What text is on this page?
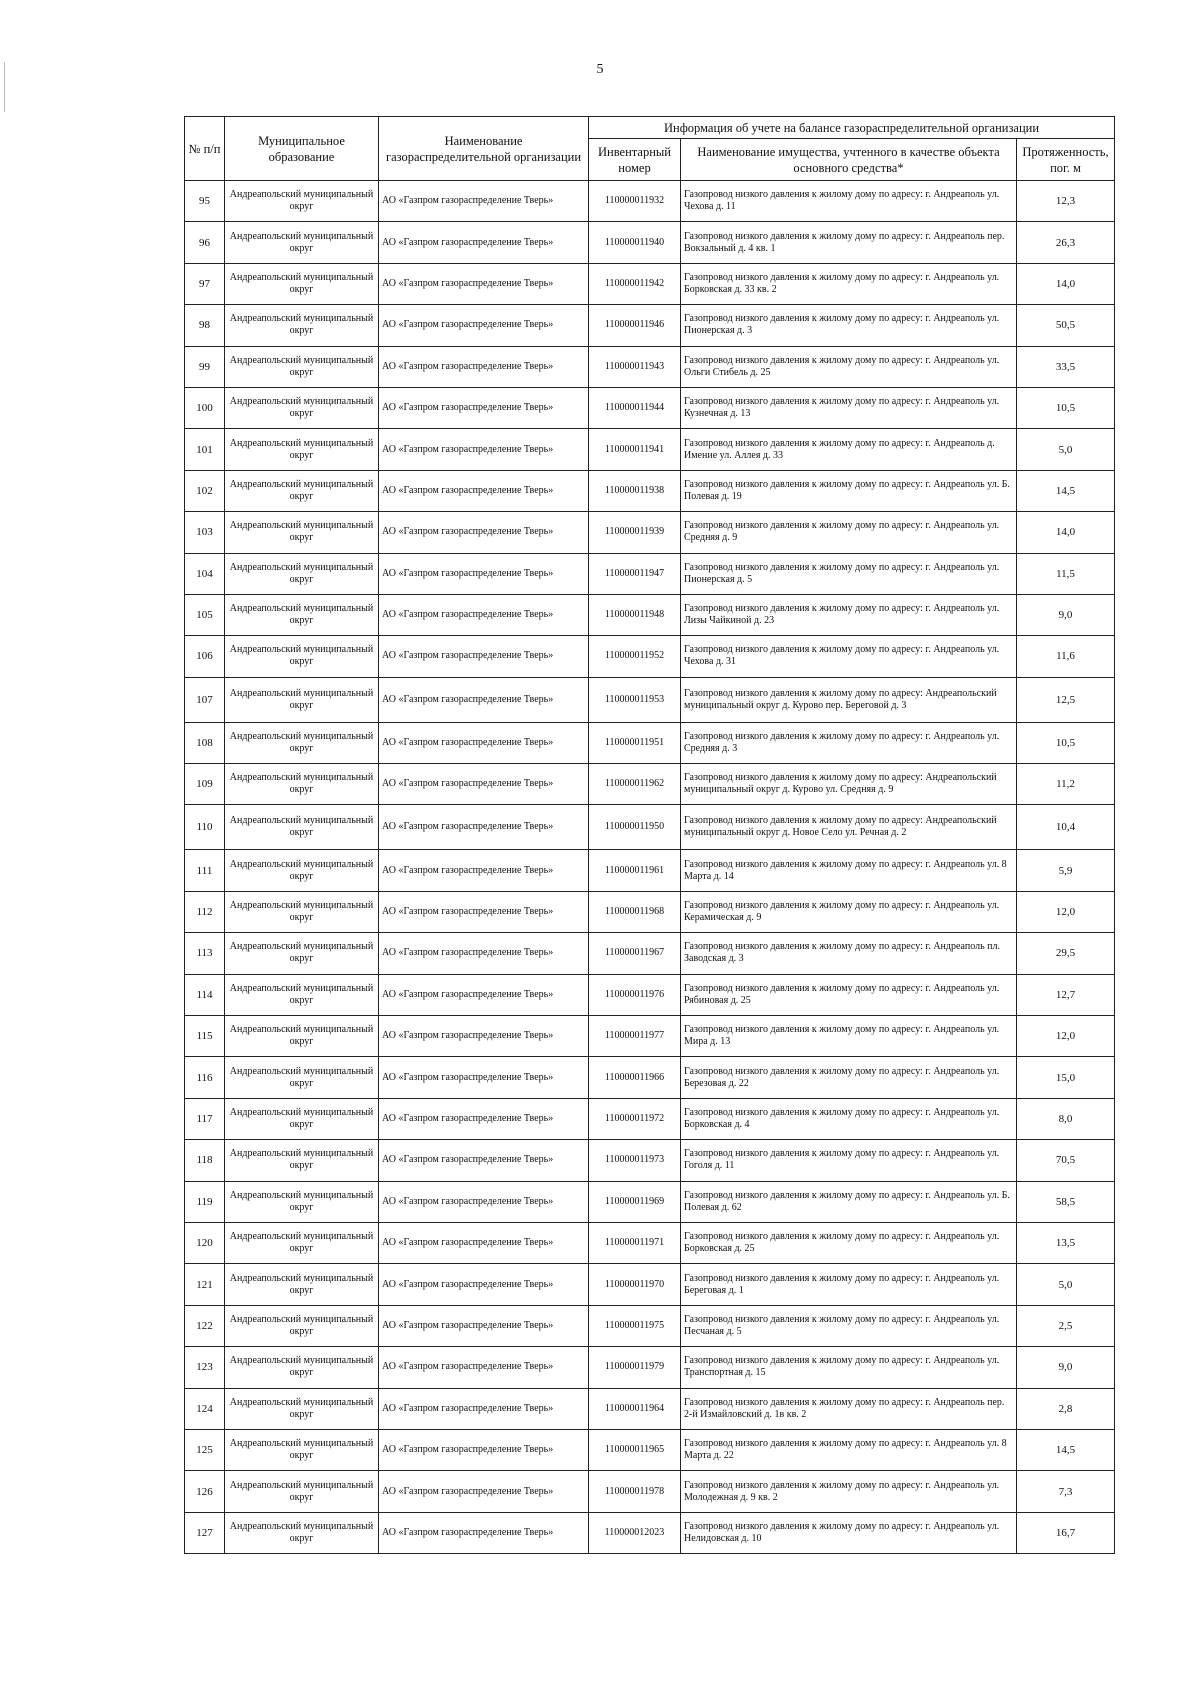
5
№ п/п	Муниципальное образование	Наименование газораспределительной организации	Информация об учете на балансе газораспределительной организации		
			Инвентарный номер	Наименование имущества, учтенного в качестве объекта основного средства*	Протяженность, пог. м
95	Андреапольский муниципальный округ	АО «Газпром газораспределение Тверь»	110000011932	Газопровод низкого давления к жилому дому по адресу: г. Андреаполь ул. Чехова д. 11	12,3
96	Андреапольский муниципальный округ	АО «Газпром газораспределение Тверь»	110000011940	Газопровод низкого давления к жилому дому по адресу: г. Андреаполь пер. Вокзальный д. 4 кв. 1	26,3
97	Андреапольский муниципальный округ	АО «Газпром газораспределение Тверь»	110000011942	Газопровод низкого давления к жилому дому по адресу: г. Андреаполь ул. Борковская д. 33 кв. 2	14,0
98	Андреапольский муниципальный округ	АО «Газпром газораспределение Тверь»	110000011946	Газопровод низкого давления к жилому дому по адресу: г. Андреаполь ул. Пионерская д. 3	50,5
99	Андреапольский муниципальный округ	АО «Газпром газораспределение Тверь»	110000011943	Газопровод низкого давления к жилому дому по адресу: г. Андреаполь ул. Ольги Стибель д. 25	33,5
100	Андреапольский муниципальный округ	АО «Газпром газораспределение Тверь»	110000011944	Газопровод низкого давления к жилому дому по адресу: г. Андреаполь ул. Кузнечная д. 13	10,5
101	Андреапольский муниципальный округ	АО «Газпром газораспределение Тверь»	110000011941	Газопровод низкого давления к жилому дому по адресу: г. Андреаполь д. Имение ул. Аллея д. 33	5,0
102	Андреапольский муниципальный округ	АО «Газпром газораспределение Тверь»	110000011938	Газопровод низкого давления к жилому дому по адресу: г. Андреаполь ул. Б. Полевая д. 19	14,5
103	Андреапольский муниципальный округ	АО «Газпром газораспределение Тверь»	110000011939	Газопровод низкого давления к жилому дому по адресу: г. Андреаполь ул. Средняя д. 9	14,0
104	Андреапольский муниципальный округ	АО «Газпром газораспределение Тверь»	110000011947	Газопровод низкого давления к жилому дому по адресу: г. Андреаполь ул. Пионерская д. 5	11,5
105	Андреапольский муниципальный округ	АО «Газпром газораспределение Тверь»	110000011948	Газопровод низкого давления к жилому дому по адресу: г. Андреаполь ул. Лизы Чайкиной д. 23	9,0
106	Андреапольский муниципальный округ	АО «Газпром газораспределение Тверь»	110000011952	Газопровод низкого давления к жилому дому по адресу: г. Андреаполь ул. Чехова д. 31	11,6
107	Андреапольский муниципальный округ	АО «Газпром газораспределение Тверь»	110000011953	Газопровод низкого давления к жилому дому по адресу: Андреапольский муниципальный округ д. Курово пер. Береговой д. 3	12,5
108	Андреапольский муниципальный округ	АО «Газпром газораспределение Тверь»	110000011951	Газопровод низкого давления к жилому дому по адресу: г. Андреаполь ул. Средняя д. 3	10,5
109	Андреапольский муниципальный округ	АО «Газпром газораспределение Тверь»	110000011962	Газопровод низкого давления к жилому дому по адресу: Андреапольский муниципальный округ д. Курово ул. Средняя д. 9	11,2
110	Андреапольский муниципальный округ	АО «Газпром газораспределение Тверь»	110000011950	Газопровод низкого давления к жилому дому по адресу: Андреапольский муниципальный округ д. Новое Село ул. Речная д. 2	10,4
111	Андреапольский муниципальный округ	АО «Газпром газораспределение Тверь»	110000011961	Газопровод низкого давления к жилому дому по адресу: г. Андреаполь ул. 8 Марта д. 14	5,9
112	Андреапольский муниципальный округ	АО «Газпром газораспределение Тверь»	110000011968	Газопровод низкого давления к жилому дому по адресу: г. Андреаполь ул. Керамическая д. 9	12,0
113	Андреапольский муниципальный округ	АО «Газпром газораспределение Тверь»	110000011967	Газопровод низкого давления к жилому дому по адресу: г. Андреаполь пл. Заводская д. 3	29,5
114	Андреапольский муниципальный округ	АО «Газпром газораспределение Тверь»	110000011976	Газопровод низкого давления к жилому дому по адресу: г. Андреаполь ул. Рябиновая д. 25	12,7
115	Андреапольский муниципальный округ	АО «Газпром газораспределение Тверь»	110000011977	Газопровод низкого давления к жилому дому по адресу: г. Андреаполь ул. Мира д. 13	12,0
116	Андреапольский муниципальный округ	АО «Газпром газораспределение Тверь»	110000011966	Газопровод низкого давления к жилому дому по адресу: г. Андреаполь ул. Березовая д. 22	15,0
117	Андреапольский муниципальный округ	АО «Газпром газораспределение Тверь»	110000011972	Газопровод низкого давления к жилому дому по адресу: г. Андреаполь ул. Борковская д. 4	8,0
118	Андреапольский муниципальный округ	АО «Газпром газораспределение Тверь»	110000011973	Газопровод низкого давления к жилому дому по адресу: г. Андреаполь ул. Гоголя д. 11	70,5
119	Андреапольский муниципальный округ	АО «Газпром газораспределение Тверь»	110000011969	Газопровод низкого давления к жилому дому по адресу: г. Андреаполь ул. Б. Полевая д. 62	58,5
120	Андреапольский муниципальный округ	АО «Газпром газораспределение Тверь»	110000011971	Газопровод низкого давления к жилому дому по адресу: г. Андреаполь ул. Борковская д. 25	13,5
121	Андреапольский муниципальный округ	АО «Газпром газораспределение Тверь»	110000011970	Газопровод низкого давления к жилому дому по адресу: г. Андреаполь ул. Береговая д. 1	5,0
122	Андреапольский муниципальный округ	АО «Газпром газораспределение Тверь»	110000011975	Газопровод низкого давления к жилому дому по адресу: г. Андреаполь ул. Песчаная д. 5	2,5
123	Андреапольский муниципальный округ	АО «Газпром газораспределение Тверь»	110000011979	Газопровод низкого давления к жилому дому по адресу: г. Андреаполь ул. Транспортная д. 15	9,0
124	Андреапольский муниципальный округ	АО «Газпром газораспределение Тверь»	110000011964	Газопровод низкого давления к жилому дому по адресу: г. Андреаполь пер. 2-й Измайловский д. 1в кв. 2	2,8
125	Андреапольский муниципальный округ	АО «Газпром газораспределение Тверь»	110000011965	Газопровод низкого давления к жилому дому по адресу: г. Андреаполь ул. 8 Марта д. 22	14,5
126	Андреапольский муниципальный округ	АО «Газпром газораспределение Тверь»	110000011978	Газопровод низкого давления к жилому дому по адресу: г. Андреаполь ул. Молодежная д. 9 кв. 2	7,3
127	Андреапольский муниципальный округ	АО «Газпром газораспределение Тверь»	110000012023	Газопровод низкого давления к жилому дому по адресу: г. Андреаполь ул. Нелидовская д. 10	16,7
